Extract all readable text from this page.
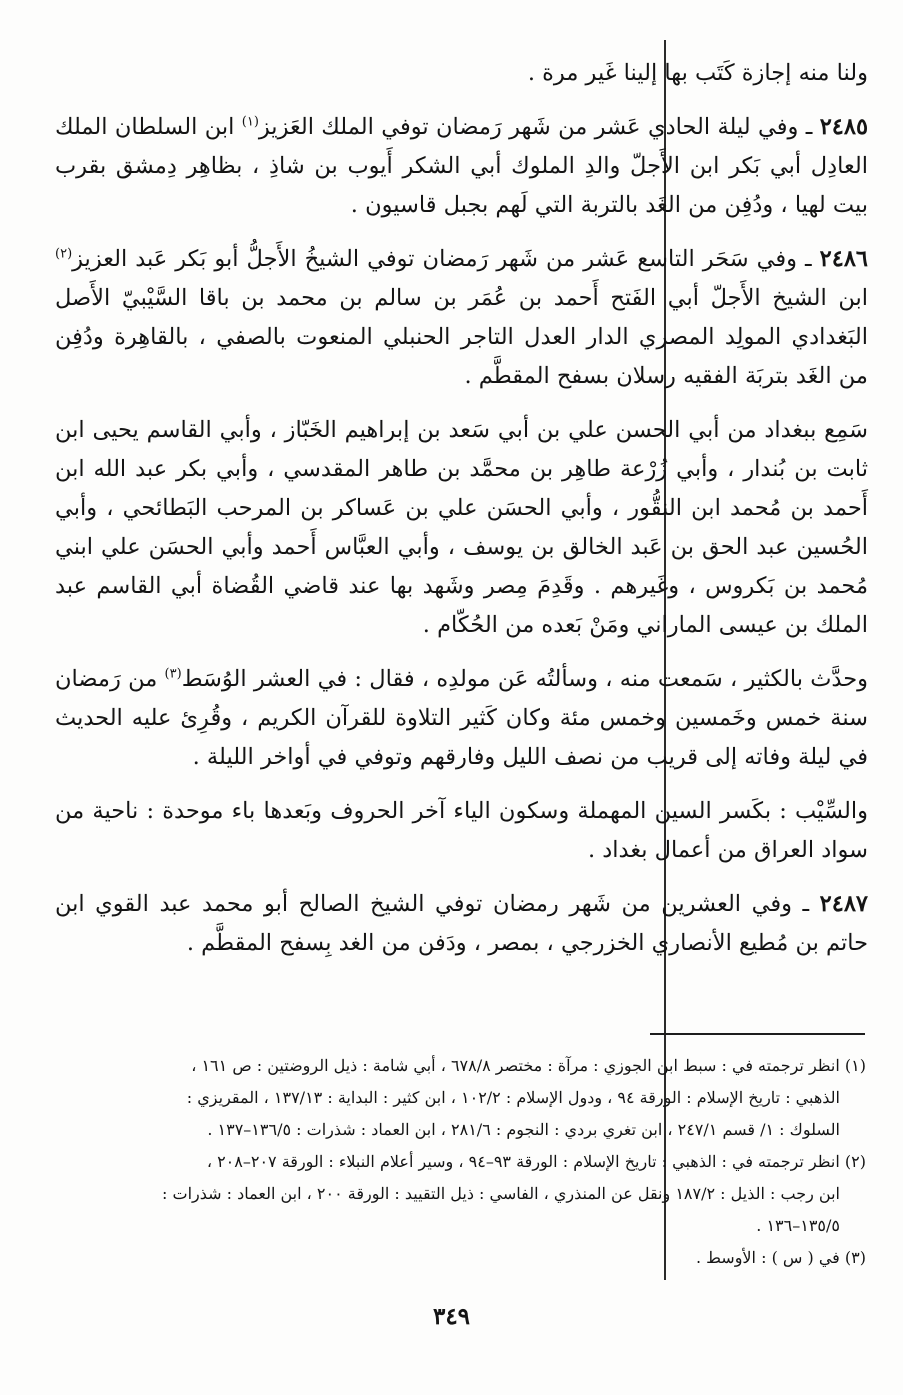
ولنا منه إجازة كَتَب بها إلينا غَير مرة .

٢٤٨٥ ـ وفي ليلة الحادي عَشر من شَهر رَمضان توفي الملك العَزيز$^{(١)}$ ابن السلطان الملك العادِل أبي بَكر ابن الأَجلّ والدِ الملوك أبي الشكر أَيوب بن شاذِ ، بظاهِر دِمشق بقرب بيت لهيا ، ودُفِن من الغَد بالتربة التي لَهم بجبل قاسيون .

٢٤٨٦ ـ وفي سَحَر التاسع عَشر من شَهر رَمضان توفي الشيخُ الأَجلُّ أبو بَكر عَبد العزيز$^{(٢)}$ ابن الشيخ الأَجلّ أبي الفَتح أَحمد بن عُمَر بن سالم بن محمد بن باقا السَّيْبيّ الأَصل البَغدادي المولِد المصري الدار العدل التاجر الحنبلي المنعوت بالصفي ، بالقاهِرة ودُفِن من الغَد بتربَة الفقيه رسلان بسفح المقطَّم .

سَمِع ببغداد من أبي الحسن علي بن أبي سَعد بن إبراهيم الخَبّاز ، وأبي القاسم يحيى ابن ثابت بن بُندار ، وأبي زُرْعة طاهِر بن محمَّد بن طاهر المقدسي ، وأبي بكر عبد الله ابن أَحمد بن مُحمد ابن النقُّور ، وأبي الحسَن علي بن عَساكر بن المرحب البَطائحي ، وأبي الحُسين عبد الحق بن عَبد الخالق بن يوسف ، وأبي العبَّاس أَحمد وأبي الحسَن علي ابني مُحمد بن بَكروس ، وغَيرهم . وقَدِمَ مِصر وشَهد بها عند قاضي القُضاة أبي القاسم عبد الملك بن عيسى الماراني ومَنْ بَعده من الحُكّام .

وحدَّث بالكثير ، سَمعت منه ، وسألتُه عَن مولدِه ، فقال : في العشر الوُسَط$^{(٣)}$ من رَمضان سنة خمس وخَمسين وخمس مئة وكان كَثير التلاوة للقرآن الكريم ، وقُرِئ عليه الحديث في ليلة وفاته إلى قريب من نصف الليل وفارقهم وتوفي في أواخر الليلة .

والسِّيْب : بكَسر السين المهملة وسكون الياء آخر الحروف وبَعدها باء موحدة : ناحية من سواد العراق من أعمال بغداد .

٢٤٨٧ ـ وفي العشرين من شَهر رمضان توفي الشيخ الصالح أبو محمد عبد القوي ابن حاتم بن مُطيع الأنصاري الخزرجي ، بمصر ، ودَفن من الغد بِسفح المقطَّم .

(١) انظر ترجمته في : سبط ابن الجوزي : مرآة : مختصر ٦٧٨/٨ ، أبي شامة : ذيل الروضتين : ص ١٦١ ،

الذهبي : تاريخ الإسلام : الورقة ٩٤ ، ودول الإسلام : ١٠٢/٢ ، ابن كثير : البداية : ١٣٧/١٣ ، المقريزي :

السلوك : ١/ قسم ٢٤٧/١ ، ابن تغري بردي : النجوم : ٢٨١/٦ ، ابن العماد : شذرات : ١٣٦/٥–١٣٧ .

(٢) انظر ترجمته في : الذهبي : تاريخ الإسلام : الورقة ٩٣–٩٤ ، وسير أعلام النبلاء : الورقة ٢٠٧–٢٠٨ ،

ابن رجب : الذيل : ١٨٧/٢ ونقل عن المنذري ، الفاسي : ذيل التقييد : الورقة ٢٠٠ ، ابن العماد : شذرات :

١٣٥/٥–١٣٦ .

(٣) في ( س ) : الأوسط .

٣٤٩
